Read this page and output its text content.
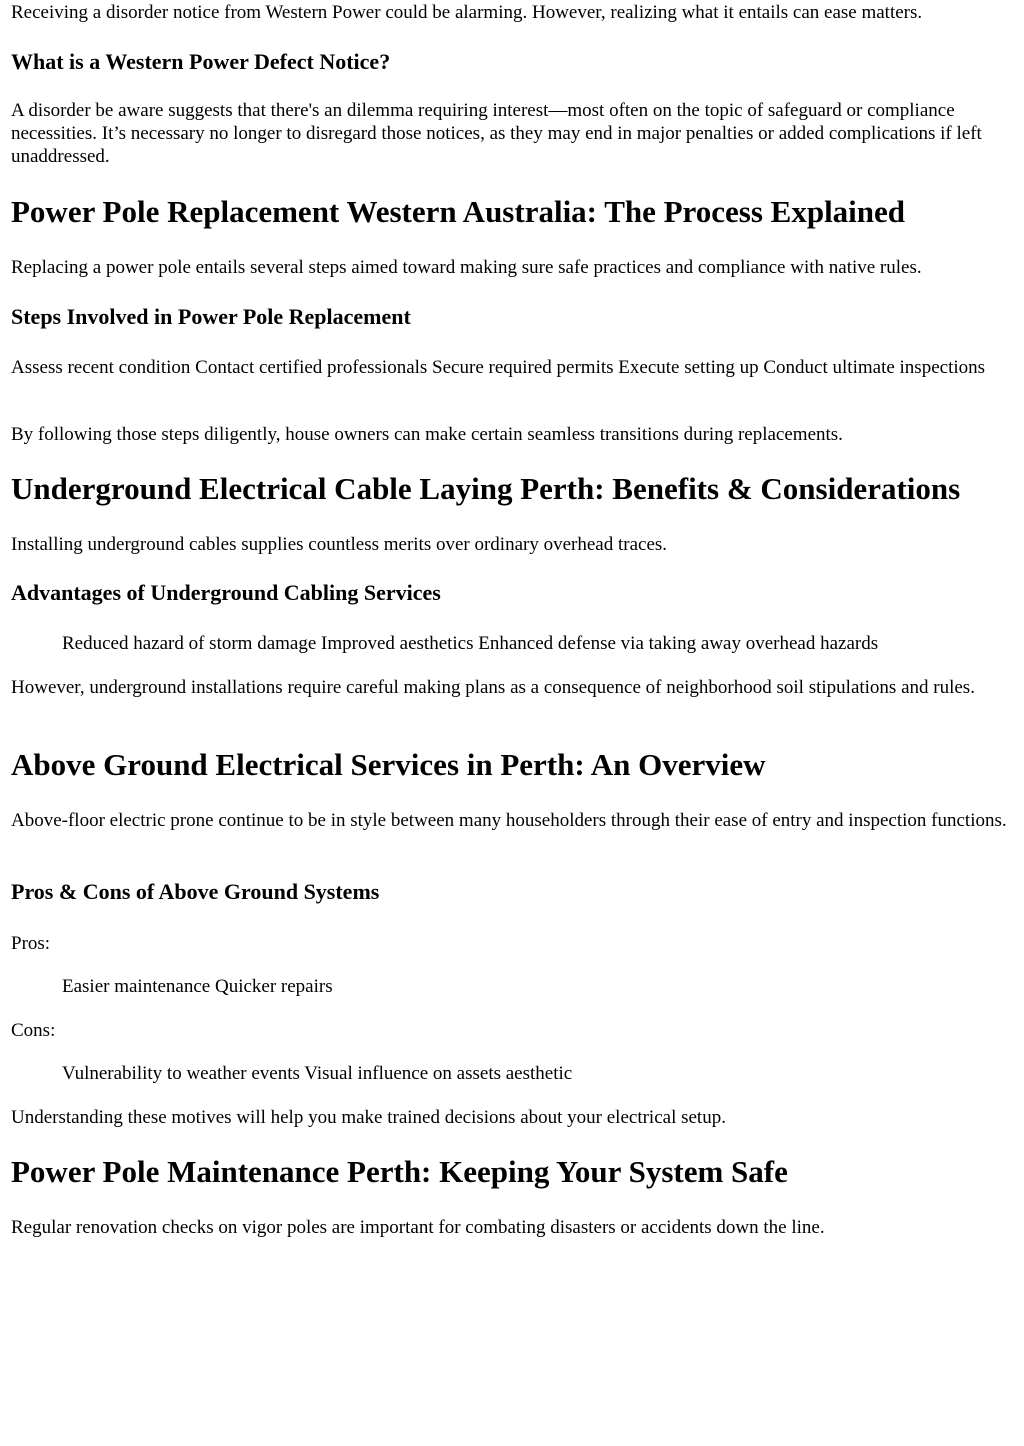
Receiving a disorder notice from Western Power could be alarming. However, realizing what it entails can ease matters.

What is a Western Power Defect Notice?

A disorder be aware suggests that there's an dilemma requiring interest—most often on the topic of safeguard or compliance necessities. It’s necessary no longer to disregard those notices, as they may end in major penalties or added complications if left unaddressed.

Power Pole Replacement Western Australia: The Process Explained

Replacing a power pole entails several steps aimed toward making sure safe practices and compliance with native rules.

Steps Involved in Power Pole Replacement

Assess recent condition Contact certified professionals Secure required permits Execute setting up Conduct ultimate inspections

By following those steps diligently, house owners can make certain seamless transitions during replacements.

Underground Electrical Cable Laying Perth: Benefits & Considerations

Installing underground cables supplies countless merits over ordinary overhead traces.

Advantages of Underground Cabling Services

Reduced hazard of storm damage Improved aesthetics Enhanced defense via taking away overhead hazards

However, underground installations require careful making plans as a consequence of neighborhood soil stipulations and rules.

Above Ground Electrical Services in Perth: An Overview

Above-floor electric prone continue to be in style between many householders through their ease of entry and inspection functions.

Pros & Cons of Above Ground Systems

Pros:

Easier maintenance Quicker repairs

Cons:

Vulnerability to weather events Visual influence on assets aesthetic

Understanding these motives will help you make trained decisions about your electrical setup.

Power Pole Maintenance Perth: Keeping Your System Safe

Regular renovation checks on vigor poles are important for combating disasters or accidents down the line.
